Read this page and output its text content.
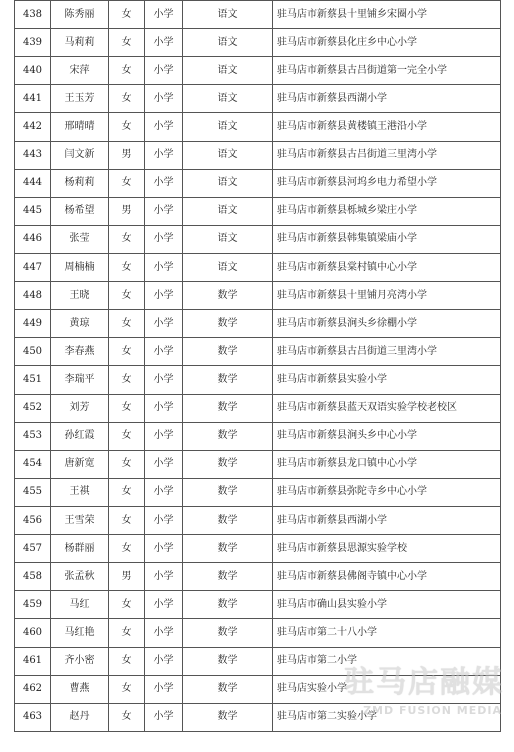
438	陈秀丽	女	小学	语文	驻马店市新蔡县十里铺乡宋圈小学
439	马莉莉	女	小学	语文	驻马店市新蔡县化庄乡中心小学
440	宋萍	女	小学	语文	驻马店市新蔡县古吕街道第一完全小学
441	王玉芳	女	小学	语文	驻马店市新蔡县西湖小学
442	邢晴晴	女	小学	语文	驻马店市新蔡县黄楼镇王港沿小学
443	闫文新	男	小学	语文	驻马店市新蔡县古吕街道三里湾小学
444	杨莉莉	女	小学	语文	驻马店市新蔡县河坞乡电力希望小学
445	杨希望	男	小学	语文	驻马店市新蔡县栎城乡梁庄小学
446	张莹	女	小学	语文	驻马店市新蔡县韩集镇梁庙小学
447	周楠楠	女	小学	语文	驻马店市新蔡县棠村镇中心小学
448	王晓	女	小学	数学	驻马店市新蔡县十里铺月亮湾小学
449	黄琼	女	小学	数学	驻马店市新蔡县涧头乡徐棚小学
450	李春燕	女	小学	数学	驻马店市新蔡县古吕街道三里湾小学
451	李瑞平	女	小学	数学	驻马店市新蔡县实验小学
452	刘芳	女	小学	数学	驻马店市新蔡县蓝天双语实验学校老校区
453	孙红霞	女	小学	数学	驻马店市新蔡县涧头乡中心小学
454	唐新宽	女	小学	数学	驻马店市新蔡县龙口镇中心小学
455	王祺	女	小学	数学	驻马店市新蔡县弥陀寺乡中心小学
456	王雪荣	女	小学	数学	驻马店市新蔡县西湖小学
457	杨群丽	女	小学	数学	驻马店市新蔡县思源实验学校
458	张孟秋	男	小学	数学	驻马店市新蔡县佛阁寺镇中心小学
459	马红	女	小学	数学	驻马店市确山县实验小学
460	马红艳	女	小学	数学	驻马店市第二十八小学
461	齐小密	女	小学	数学	驻马店市第二小学
462	曹燕	女	小学	数学	驻马店实验小学
463	赵丹	女	小学	数学	驻马店市第二实验小学
驻马店融媒
ZMD FUSION MEDIA
